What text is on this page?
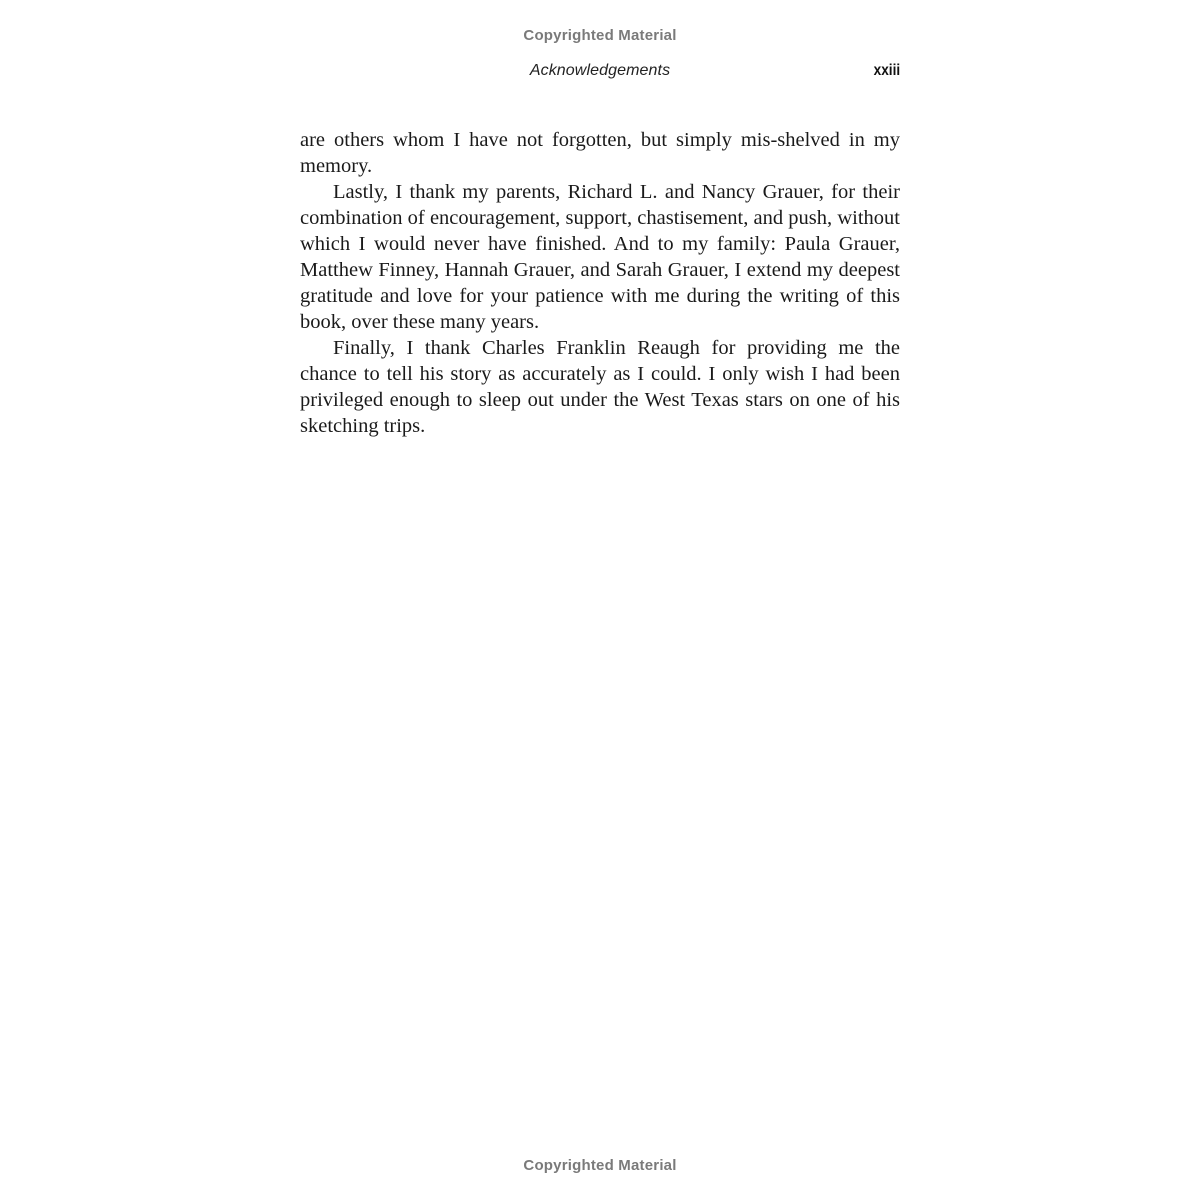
Copyrighted Material
Acknowledgements	xxiii

are others whom I have not forgotten, but simply mis-shelved in my memory.

Lastly, I thank my parents, Richard L. and Nancy Grauer, for their combination of encouragement, support, chastisement, and push, without which I would never have finished. And to my family: Paula Grauer, Matthew Finney, Hannah Grauer, and Sarah Grauer, I extend my deepest gratitude and love for your patience with me during the writing of this book, over these many years.

Finally, I thank Charles Franklin Reaugh for providing me the chance to tell his story as accurately as I could. I only wish I had been privileged enough to sleep out under the West Texas stars on one of his sketching trips.

Copyrighted Material
